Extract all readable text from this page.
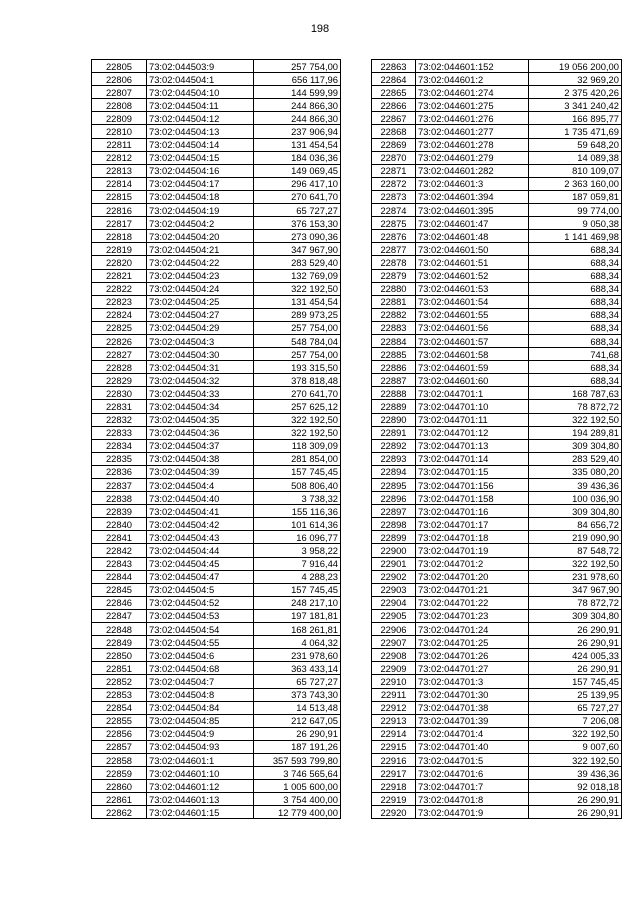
198
22805	73:02:044503:9	257 754,00
22806	73:02:044504:1	656 117,96
22807	73:02:044504:10	144 599,99
22808	73:02:044504:11	244 866,30
22809	73:02:044504:12	244 866,30
22810	73:02:044504:13	237 906,94
22811	73:02:044504:14	131 454,54
22812	73:02:044504:15	184 036,36
22813	73:02:044504:16	149 069,45
22814	73:02:044504:17	296 417,10
22815	73:02:044504:18	270 641,70
22816	73:02:044504:19	65 727,27
22817	73:02:044504:2	376 153,30
22818	73:02:044504:20	273 090,36
22819	73:02:044504:21	347 967,90
22820	73:02:044504:22	283 529,40
22821	73:02:044504:23	132 769,09
22822	73:02:044504:24	322 192,50
22823	73:02:044504:25	131 454,54
22824	73:02:044504:27	289 973,25
22825	73:02:044504:29	257 754,00
22826	73:02:044504:3	548 784,04
22827	73:02:044504:30	257 754,00
22828	73:02:044504:31	193 315,50
22829	73:02:044504:32	378 818,48
22830	73:02:044504:33	270 641,70
22831	73:02:044504:34	257 625,12
22832	73:02:044504:35	322 192,50
22833	73:02:044504:36	322 192,50
22834	73:02:044504:37	118 309,09
22835	73:02:044504:38	281 854,00
22836	73:02:044504:39	157 745,45
22837	73:02:044504:4	508 806,40
22838	73:02:044504:40	3 738,32
22839	73:02:044504:41	155 116,36
22840	73:02:044504:42	101 614,36
22841	73:02:044504:43	16 096,77
22842	73:02:044504:44	3 958,22
22843	73:02:044504:45	7 916,44
22844	73:02:044504:47	4 288,23
22845	73:02:044504:5	157 745,45
22846	73:02:044504:52	248 217,10
22847	73:02:044504:53	197 181,81
22848	73:02:044504:54	168 261,81
22849	73:02:044504:55	4 064,32
22850	73:02:044504:6	231 978,60
22851	73:02:044504:68	363 433,14
22852	73:02:044504:7	65 727,27
22853	73:02:044504:8	373 743,30
22854	73:02:044504:84	14 513,48
22855	73:02:044504:85	212 647,05
22856	73:02:044504:9	26 290,91
22857	73:02:044504:93	187 191,26
22858	73:02:044601:1	357 593 799,80
22859	73:02:044601:10	3 746 565,64
22860	73:02:044601:12	1 005 600,00
22861	73:02:044601:13	3 754 400,00
22862	73:02:044601:15	12 779 400,00
22863	73:02:044601:152	19 056 200,00
22864	73:02:044601:2	32 969,20
22865	73:02:044601:274	2 375 420,26
22866	73:02:044601:275	3 341 240,42
22867	73:02:044601:276	166 895,77
22868	73:02:044601:277	1 735 471,69
22869	73:02:044601:278	59 648,20
22870	73:02:044601:279	14 089,38
22871	73:02:044601:282	810 109,07
22872	73:02:044601:3	2 363 160,00
22873	73:02:044601:394	187 059,81
22874	73:02:044601:395	99 774,00
22875	73:02:044601:47	9 050,38
22876	73:02:044601:48	1 141 469,98
22877	73:02:044601:50	688,34
22878	73:02:044601:51	688,34
22879	73:02:044601:52	688,34
22880	73:02:044601:53	688,34
22881	73:02:044601:54	688,34
22882	73:02:044601:55	688,34
22883	73:02:044601:56	688,34
22884	73:02:044601:57	688,34
22885	73:02:044601:58	741,68
22886	73:02:044601:59	688,34
22887	73:02:044601:60	688,34
22888	73:02:044701:1	168 787,63
22889	73:02:044701:10	78 872,72
22890	73:02:044701:11	322 192,50
22891	73:02:044701:12	194 289,81
22892	73:02:044701:13	309 304,80
22893	73:02:044701:14	283 529,40
22894	73:02:044701:15	335 080,20
22895	73:02:044701:156	39 436,36
22896	73:02:044701:158	100 036,90
22897	73:02:044701:16	309 304,80
22898	73:02:044701:17	84 656,72
22899	73:02:044701:18	219 090,90
22900	73:02:044701:19	87 548,72
22901	73:02:044701:2	322 192,50
22902	73:02:044701:20	231 978,60
22903	73:02:044701:21	347 967,90
22904	73:02:044701:22	78 872,72
22905	73:02:044701:23	309 304,80
22906	73:02:044701:24	26 290,91
22907	73:02:044701:25	26 290,91
22908	73:02:044701:26	424 005,33
22909	73:02:044701:27	26 290,91
22910	73:02:044701:3	157 745,45
22911	73:02:044701:30	25 139,95
22912	73:02:044701:38	65 727,27
22913	73:02:044701:39	7 206,08
22914	73:02:044701:4	322 192,50
22915	73:02:044701:40	9 007,60
22916	73:02:044701:5	322 192,50
22917	73:02:044701:6	39 436,36
22918	73:02:044701:7	92 018,18
22919	73:02:044701:8	26 290,91
22920	73:02:044701:9	26 290,91
